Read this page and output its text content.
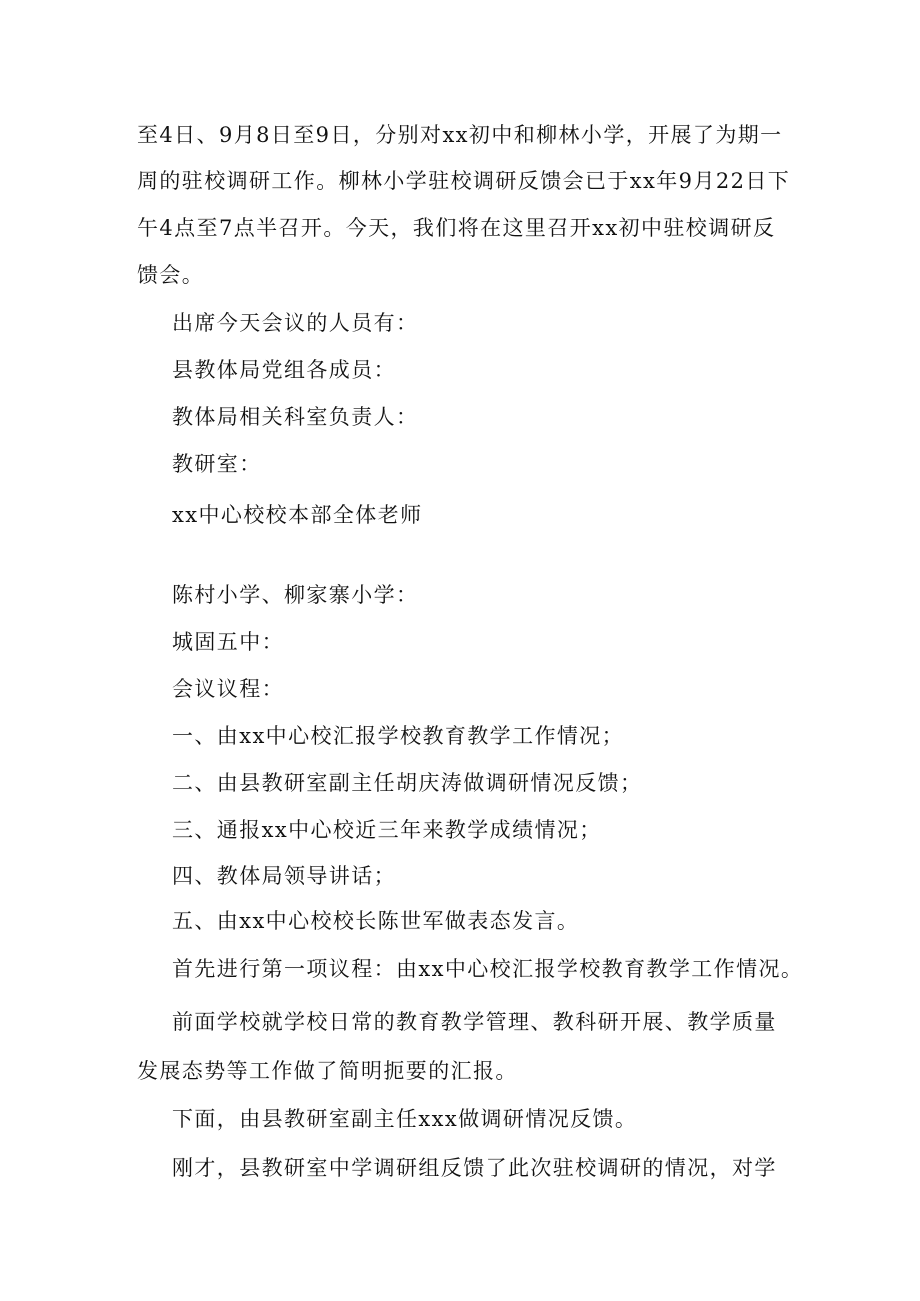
至4日、9月8日至9日，分别对xx初中和柳林小学，开展了为期一
周的驻校调研工作。柳林小学驻校调研反馈会已于xx年9月22日下
午4点至7点半召开。今天，我们将在这里召开xx初中驻校调研反
馈会。
出席今天会议的人员有：
县教体局党组各成员：
教体局相关科室负责人：
教研室：
xx中心校校本部全体老师
陈村小学、柳家寨小学：
城固五中：
会议议程：
一、由xx中心校汇报学校教育教学工作情况；
二、由县教研室副主任胡庆涛做调研情况反馈；
三、通报xx中心校近三年来教学成绩情况；
四、教体局领导讲话；
五、由xx中心校校长陈世军做表态发言。
首先进行第一项议程：由xx中心校汇报学校教育教学工作情况。
前面学校就学校日常的教育教学管理、教科研开展、教学质量
发展态势等工作做了简明扼要的汇报。
下面，由县教研室副主任xxx做调研情况反馈。
刚才，县教研室中学调研组反馈了此次驻校调研的情况，对学
